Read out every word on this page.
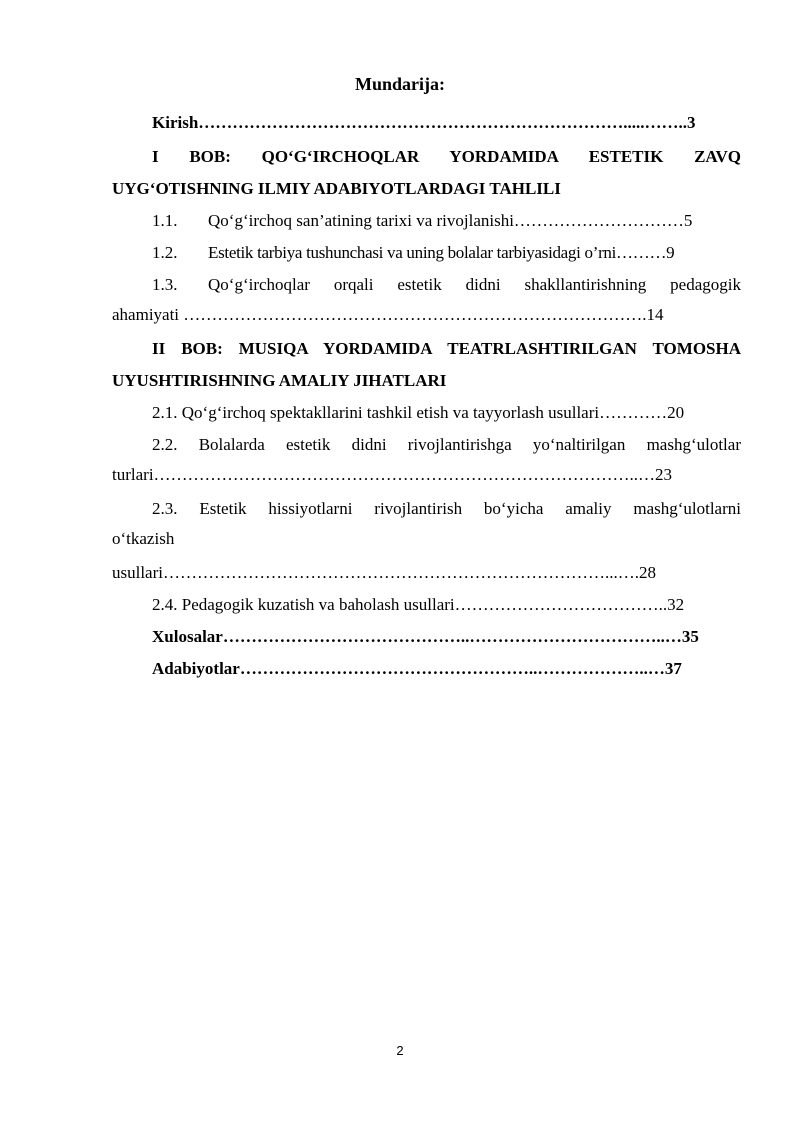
Mundarija:
Kirish………………………………………………………………….....……..3
I BOB: QO‘G‘IRCHOQLAR YORDAMIDA ESTETIK ZAVQ
UYG‘OTISHNING ILMIY ADABIYOTLARDAGI TAHLILI
1.1. Qo‘g‘irchoq san’atining tarixi va rivojlanishi…………………………5
1.2. Estetik tarbiya tushunchasi va uning bolalar tarbiyasidagi o’rni………9
1.3.	Qo‘g‘irchoqlar orqali estetik didni shakllantirishning pedagogik
ahamiyati ……………………………………………………………………….14
II BOB: MUSIQA YORDAMIDA TEATRLASHTIRILGAN TOMOSHA
UYUSHTIRISHNING AMALIY JIHATLARI
2.1. Qo‘g‘irchoq spektakllarini tashkil etish va tayyorlash usullari…………20
2.2. Bolalarda estetik didni rivojlantirishga yo‘naltirilgan mashg‘ulotlar
turlari…………………………………………………………………………..…23
2.3. Estetik hissiyotlarni rivojlantirish bo‘yicha amaliy mashg‘ulotlarni
o‘tkazish
usullari……………………………………………………………………...….28
2.4. Pedagogik kuzatish va baholash usullari………………………………..32
Xulosalar……………………………………..……………………………..…35
Adabiyotlar……………………………………………..………………..…37
2
